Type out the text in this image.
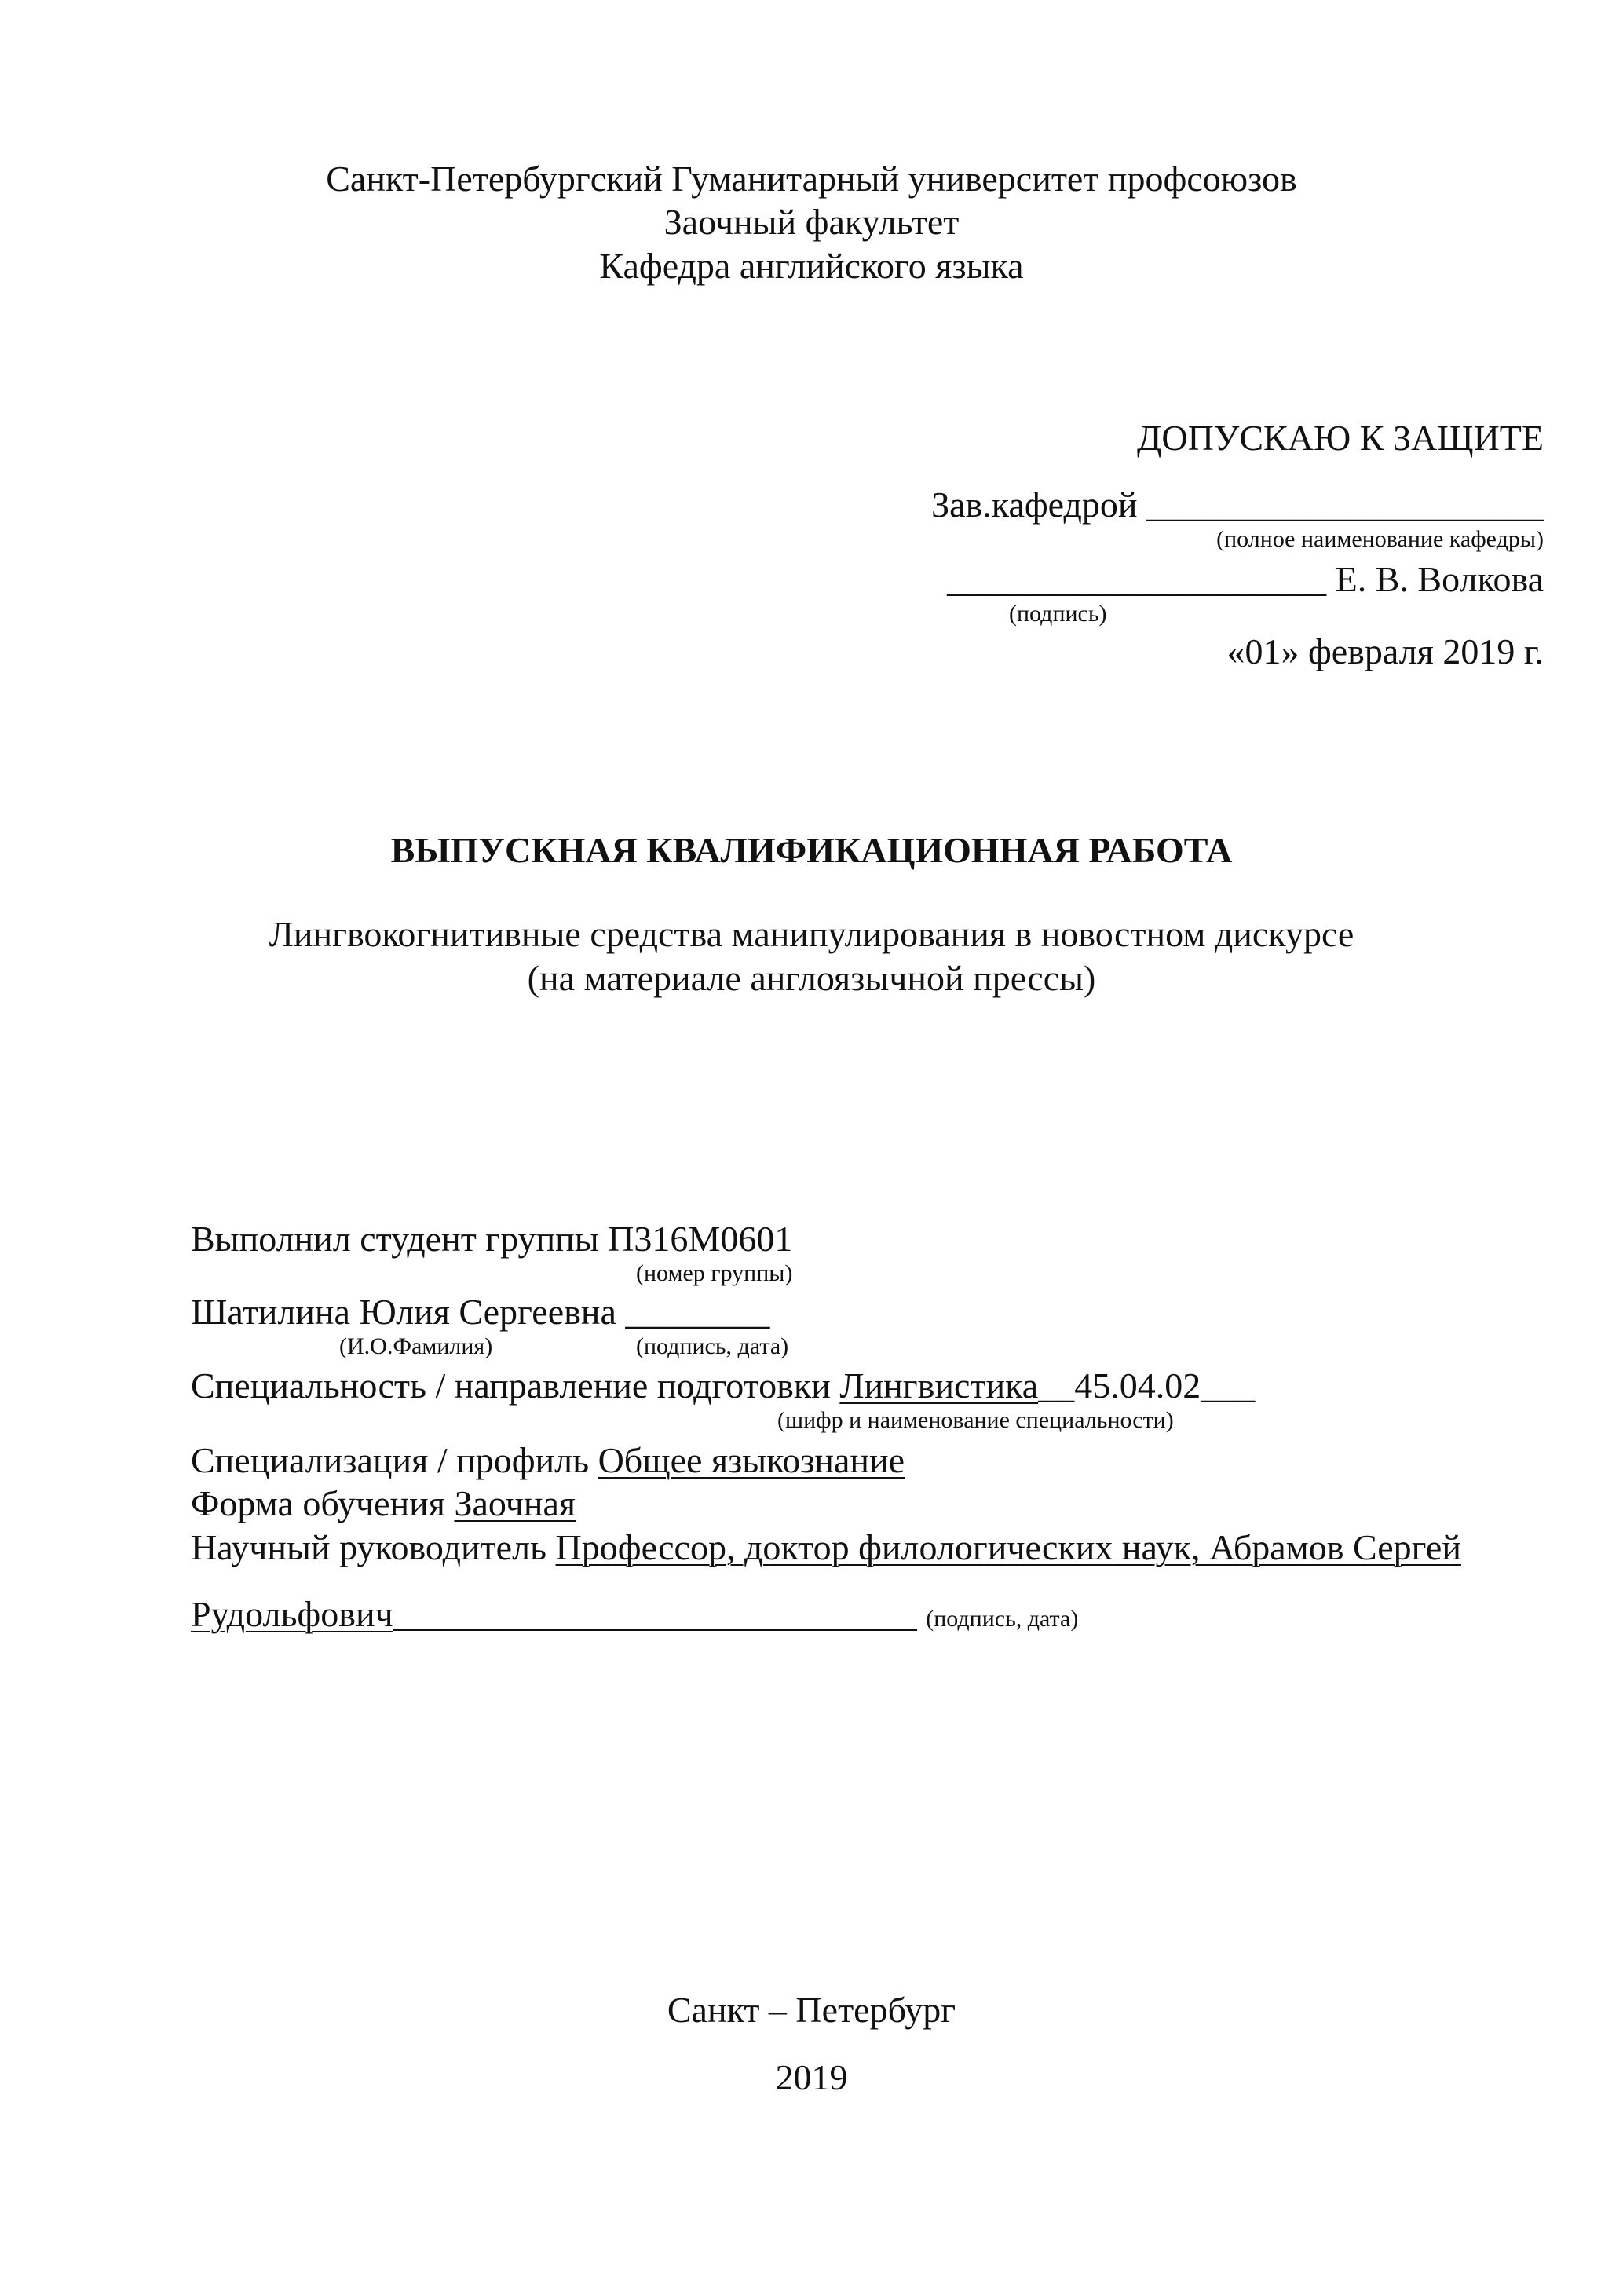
Санкт-Петербургский Гуманитарный университет профсоюзов
Заочный факультет
Кафедра английского языка
ДОПУСКАЮ К ЗАЩИТЕ
Зав.кафедрой ______________________
(полное наименование кафедры)
_____________________ Е. В. Волкова
(подпись)
«01» февраля 2019 г.
ВЫПУСКНАЯ КВАЛИФИКАЦИОННАЯ РАБОТА
Лингвокогнитивные средства манипулирования в новостном дискурсе
(на материале англоязычной прессы)
Выполнил студент группы П316М0601
(номер группы)
Шатилина Юлия Сергеевна ________
(И.О.Фамилия)	(подпись, дата)
Специальность / направление подготовки Лингвистика__45.04.02___
(шифр и наименование специальности)
Специализация / профиль Общее языкознание
Форма обучения Заочная
Научный руководитель Профессор, доктор филологических наук, Абрамов Сергей
Рудольфович_____________________________ (подпись, дата)
Санкт – Петербург
2019
